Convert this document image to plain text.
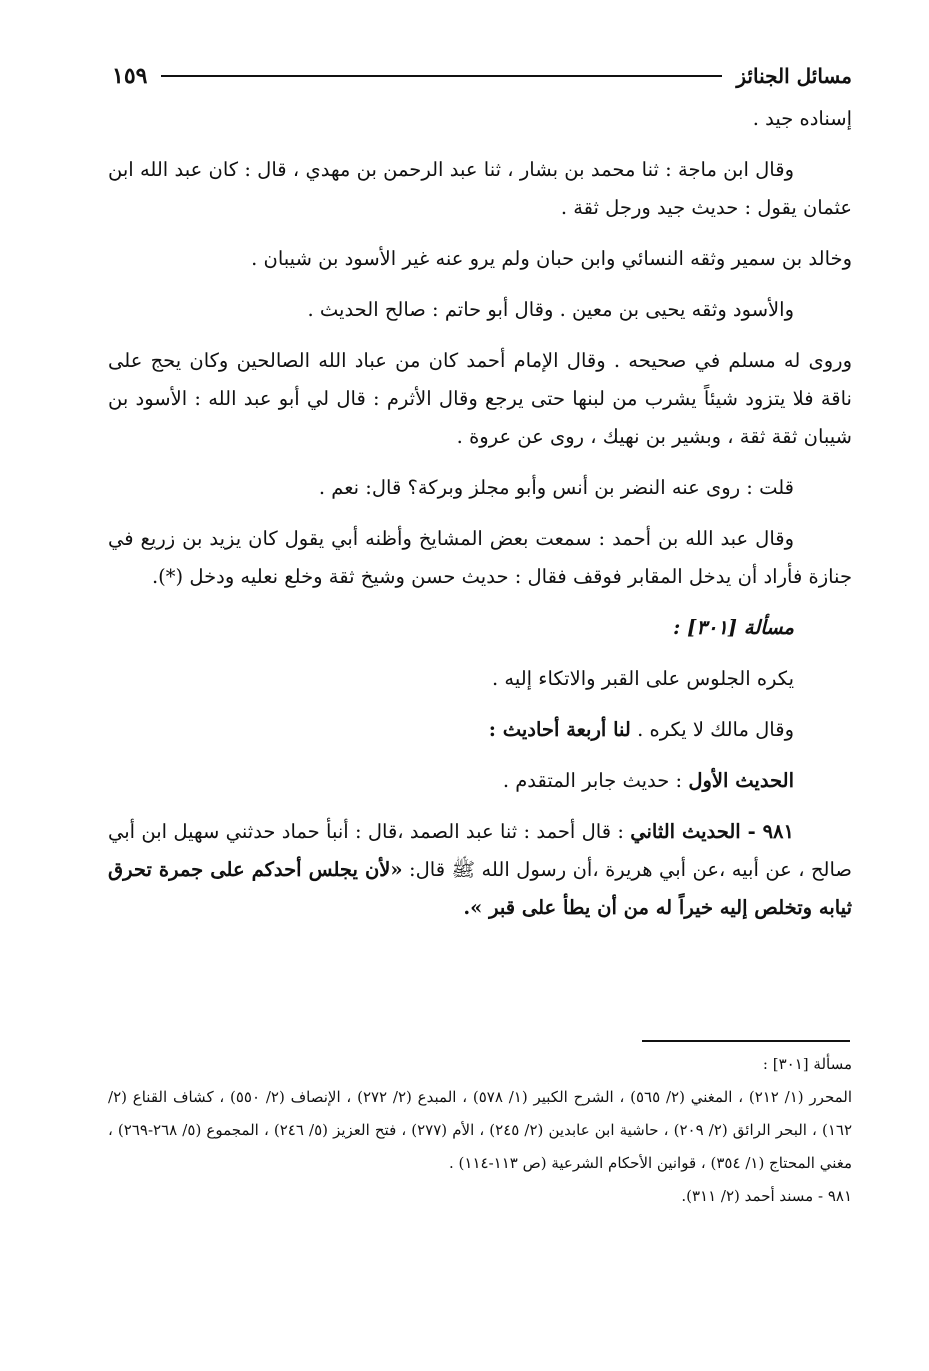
مسائل الجنائز
١٥٩

إسناده جيد .

وقال ابن ماجة : ثنا محمد بن بشار ، ثنا عبد الرحمن بن مهدي ، قال : كان عبد الله ابن عثمان يقول : حديث جيد ورجل ثقة .

وخالد بن سمير وثقه النسائي وابن حبان ولم يرو عنه غير الأسود بن شيبان .

والأسود وثقه يحيى بن معين . وقال أبو حاتم : صالح الحديث .

وروى له مسلم في صحيحه . وقال الإمام أحمد كان من عباد الله الصالحين وكان يحج على ناقة فلا يتزود شيئاً يشرب من لبنها حتى يرجع وقال الأثرم : قال لي أبو عبد الله : الأسود بن شيبان ثقة ثقة ، وبشير بن نهيك ، روى عن عروة .

قلت : روى عنه النضر بن أنس وأبو مجلز وبركة؟ قال: نعم .

وقال عبد الله بن أحمد : سمعت بعض المشايخ وأظنه أبي يقول كان يزيد بن زريع في جنازة فأراد أن يدخل المقابر فوقف فقال : حديث حسن وشيخ ثقة وخلع نعليه ودخل (*).

مسألة [٣٠١] :

يكره الجلوس على القبر والاتكاء إليه .

وقال مالك لا يكره . لنا أربعة أحاديث :

الحديث الأول : حديث جابر المتقدم .

٩٨١ - الحديث الثاني : قال أحمد : ثنا عبد الصمد ،قال : أنبأ حماد حدثني سهيل ابن أبي صالح ، عن أبيه ،عن أبي هريرة ،أن رسول الله ﷺ قال: «لأن يجلس أحدكم على جمرة تحرق ثيابه وتخلص إليه خيراً له من أن يطأ على قبر ».

مسألة [٣٠١] :

المحرر (١/ ٢١٢) ، المغني (٢/ ٥٦٥) ، الشرح الكبير (١/ ٥٧٨) ، المبدع (٢/ ٢٧٢) ، الإنصاف (٢/ ٥٥٠) ، كشاف القناع (٢/ ١٦٢) ، البحر الرائق (٢/ ٢٠٩) ، حاشية ابن عابدين (٢/ ٢٤٥) ، الأم (٢٧٧) ، فتح العزيز (٥/ ٢٤٦) ، المجموع (٥/ ٢٦٨-٢٦٩) ، مغني المحتاج (١/ ٣٥٤) ، قوانين الأحكام الشرعية (ص ١١٣-١١٤) .

٩٨١ - مسند أحمد (٢/ ٣١١).
